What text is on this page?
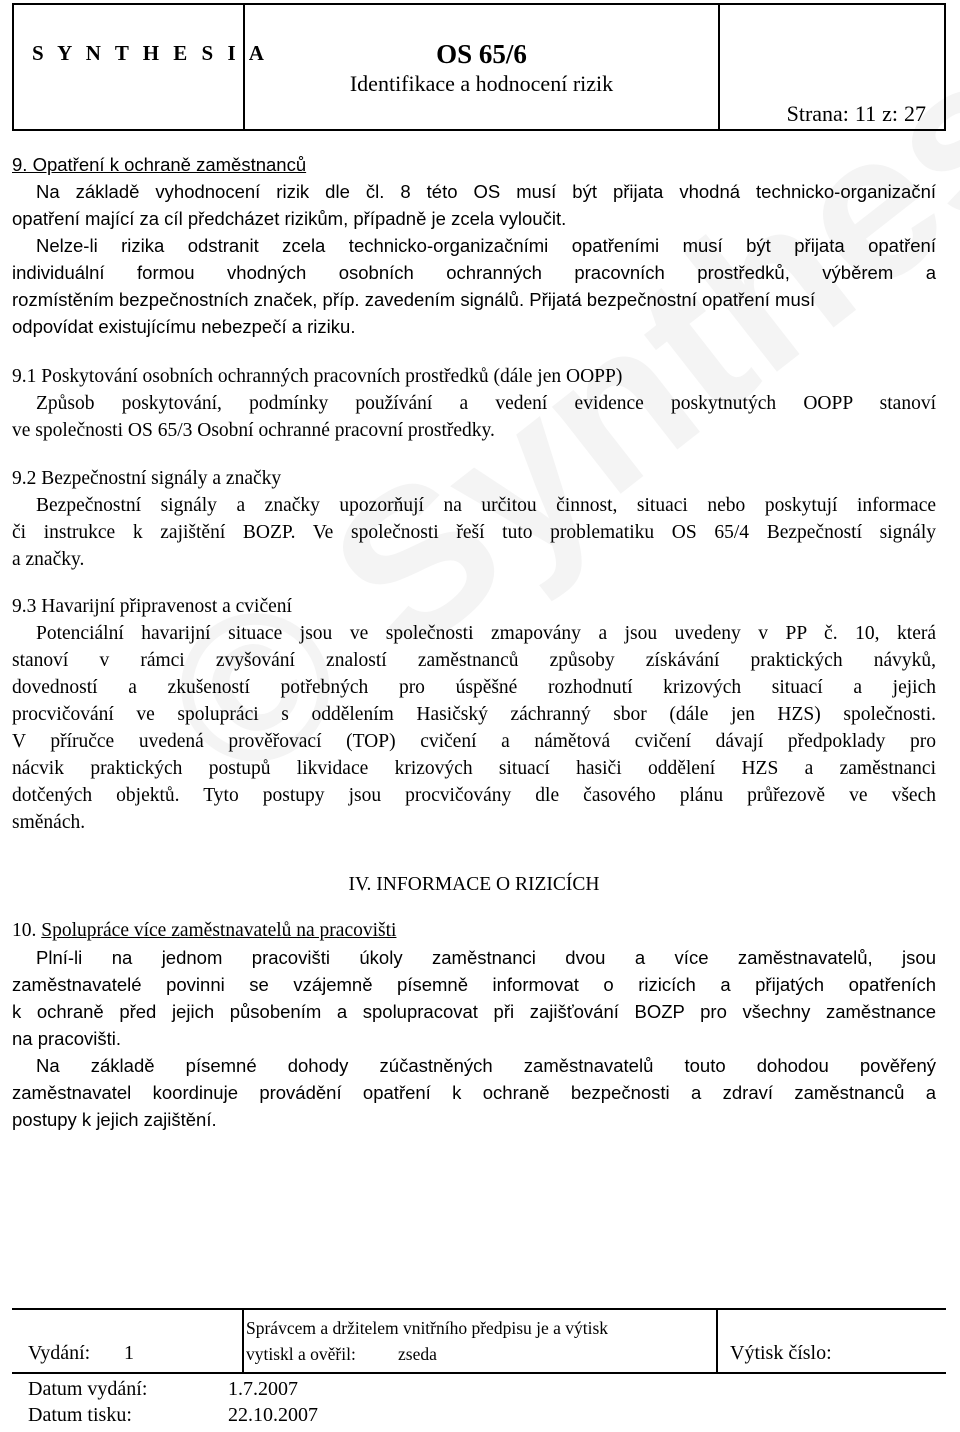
S Y N T H E S I A	OS 65/6
Identifikace a hodnocení rizik
Strana: 11 z: 27
9. Opatření k ochraně zaměstnanců
Na základě vyhodnocení rizik dle čl. 8 této OS musí být přijata vhodná technicko-organizační
opatření mající za cíl předcházet rizikům, případně je zcela vyloučit.
Nelze-li rizika odstranit zcela technicko-organizačními opatřeními musí být přijata opatření
individuální formou vhodných osobních ochranných pracovních prostředků, výběrem a
rozmístěním bezpečnostních značek, příp. zavedením signálů. Přijatá bezpečnostní opatření musí
odpovídat existujícímu nebezpečí a riziku.
9.1 Poskytování osobních ochranných pracovních prostředků (dále jen OOPP)
Způsob poskytování, podmínky používání a vedení evidence poskytnutých OOPP stanoví
ve společnosti OS 65/3 Osobní ochranné pracovní prostředky.
9.2 Bezpečnostní signály a značky
Bezpečnostní signály a značky upozorňují na určitou činnost, situaci nebo poskytují informace
či instrukce k zajištění BOZP. Ve společnosti řeší tuto problematiku OS 65/4 Bezpečností signály
a značky.
9.3 Havarijní připravenost a cvičení
Potenciální havarijní situace jsou ve společnosti zmapovány a jsou uvedeny v PP č. 10, která
stanoví v rámci zvyšování znalostí zaměstnanců způsoby získávání praktických návyků,
dovedností a zkušeností potřebných pro úspěšné rozhodnutí krizových situací a jejich
procvičování ve spolupráci s oddělením Hasičský záchranný sbor (dále jen HZS) společnosti.
V příručce uvedená prověřovací (TOP) cvičení a námětová cvičení dávají předpoklady pro
nácvik praktických postupů likvidace krizových situací hasiči oddělení HZS a zaměstnanci
dotčených objektů. Tyto postupy jsou procvičovány dle časového plánu průřezově ve všech
směnách.
IV. INFORMACE O RIZICÍCH
10. Spolupráce více zaměstnavatelů na pracovišti
Plní-li na jednom pracovišti úkoly zaměstnanci dvou a více zaměstnavatelů, jsou
zaměstnavatelé povinni se vzájemně písemně informovat o rizicích a přijatých opatřeních
k ochraně před jejich působením a spolupracovat při zajišťování BOZP pro všechny zaměstnance
na pracovišti.
Na základě písemné dohody zúčastněných zaměstnavatelů touto dohodou pověřený
zaměstnavatel koordinuje provádění opatření k ochraně bezpečnosti a zdraví zaměstnanců a
postupy k jejich zajištění.
Vydání: 1
Správcem a držitelem vnitřního předpisu je a výtisk
vytiskl a ověřil: zseda	Výtisk číslo:
Datum vydání:	1.7.2007
Datum tisku:	22.10.2007
